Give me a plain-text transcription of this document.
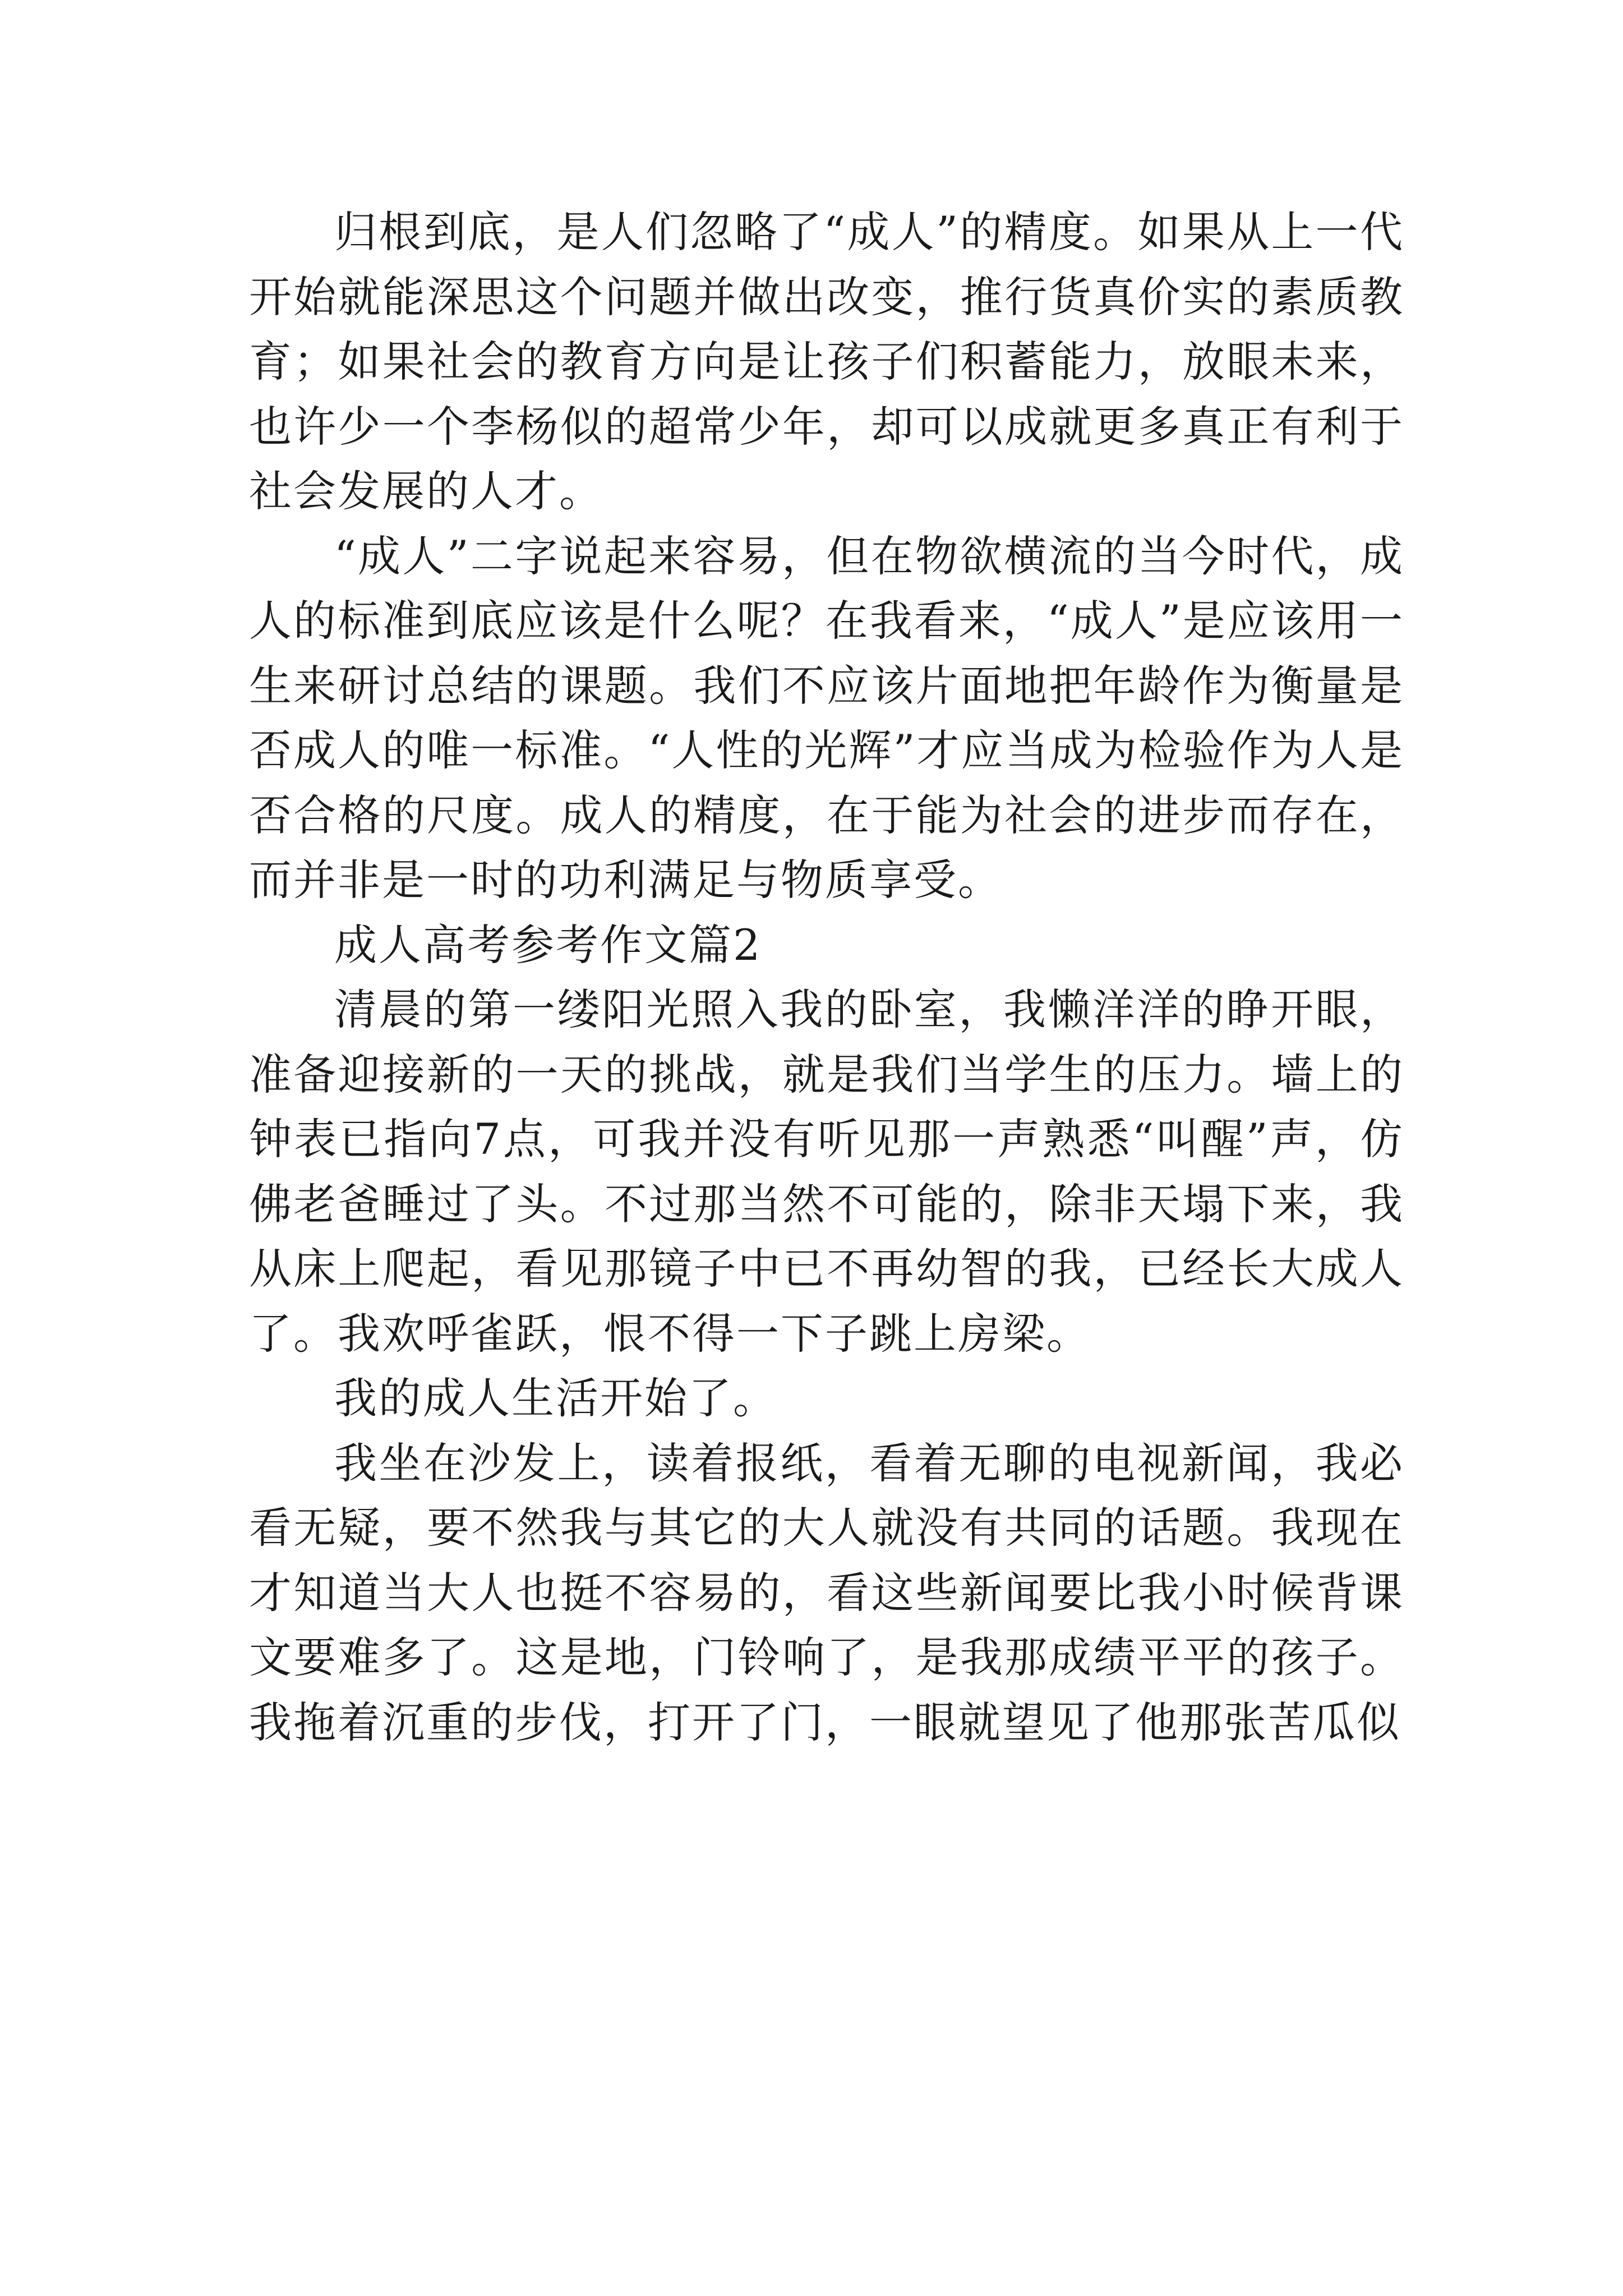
归根到底，是人们忽略了“成人”的精度。如果从上一代开始就能深思这个问题并做出改变，推行货真价实的素质教育；如果社会的教育方向是让孩子们积蓄能力，放眼未来，也许少一个李杨似的超常少年，却可以成就更多真正有利于社会发展的人才。

“成人”二字说起来容易，但在物欲横流的当今时代，成人的标准到底应该是什么呢？在我看来，“成人”是应该用一生来研讨总结的课题。我们不应该片面地把年龄作为衡量是否成人的唯一标准。“人性的光辉”才应当成为检验作为人是否合格的尺度。成人的精度，在于能为社会的进步而存在，而并非是一时的功利满足与物质享受。

成人高考参考作文篇2

清晨的第一缕阳光照入我的卧室，我懒洋洋的睁开眼，准备迎接新的一天的挑战，就是我们当学生的压力。墙上的钟表已指向7点，可我并没有听见那一声熟悉“叫醒”声，仿佛老爸睡过了头。不过那当然不可能的，除非天塌下来，我从床上爬起，看见那镜子中已不再幼智的我，已经长大成人了。我欢呼雀跃，恨不得一下子跳上房梁。

我的成人生活开始了。

我坐在沙发上，读着报纸，看着无聊的电视新闻，我必看无疑，要不然我与其它的大人就没有共同的话题。我现在才知道当大人也挺不容易的，看这些新闻要比我小时候背课文要难多了。这是地，门铃响了，是我那成绩平平的孩子。我拖着沉重的步伐，打开了门，一眼就望见了他那张苦瓜似
